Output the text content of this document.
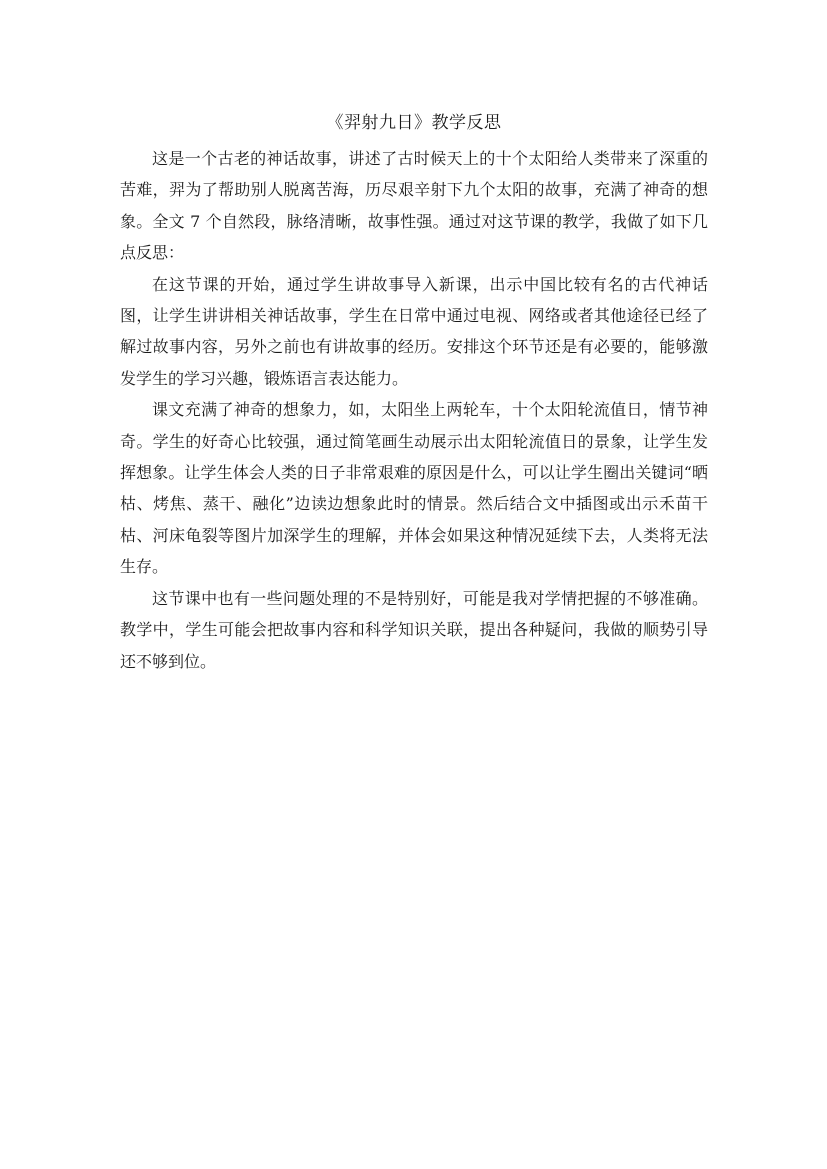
《羿射九日》教学反思

这是一个古老的神话故事，讲述了古时候天上的十个太阳给人类带来了深重的苦难，羿为了帮助别人脱离苦海，历尽艰辛射下九个太阳的故事，充满了神奇的想象。全文 7 个自然段，脉络清晰，故事性强。通过对这节课的教学，我做了如下几点反思：

在这节课的开始，通过学生讲故事导入新课，出示中国比较有名的古代神话图，让学生讲讲相关神话故事，学生在日常中通过电视、网络或者其他途径已经了解过故事内容，另外之前也有讲故事的经历。安排这个环节还是有必要的，能够激发学生的学习兴趣，锻炼语言表达能力。

课文充满了神奇的想象力，如，太阳坐上两轮车，十个太阳轮流值日，情节神奇。学生的好奇心比较强，通过简笔画生动展示出太阳轮流值日的景象，让学生发挥想象。让学生体会人类的日子非常艰难的原因是什么，可以让学生圈出关键词“晒枯、烤焦、蒸干、融化”边读边想象此时的情景。然后结合文中插图或出示禾苗干枯、河床龟裂等图片加深学生的理解，并体会如果这种情况延续下去，人类将无法生存。

这节课中也有一些问题处理的不是特别好，可能是我对学情把握的不够准确。教学中，学生可能会把故事内容和科学知识关联，提出各种疑问，我做的顺势引导还不够到位。
